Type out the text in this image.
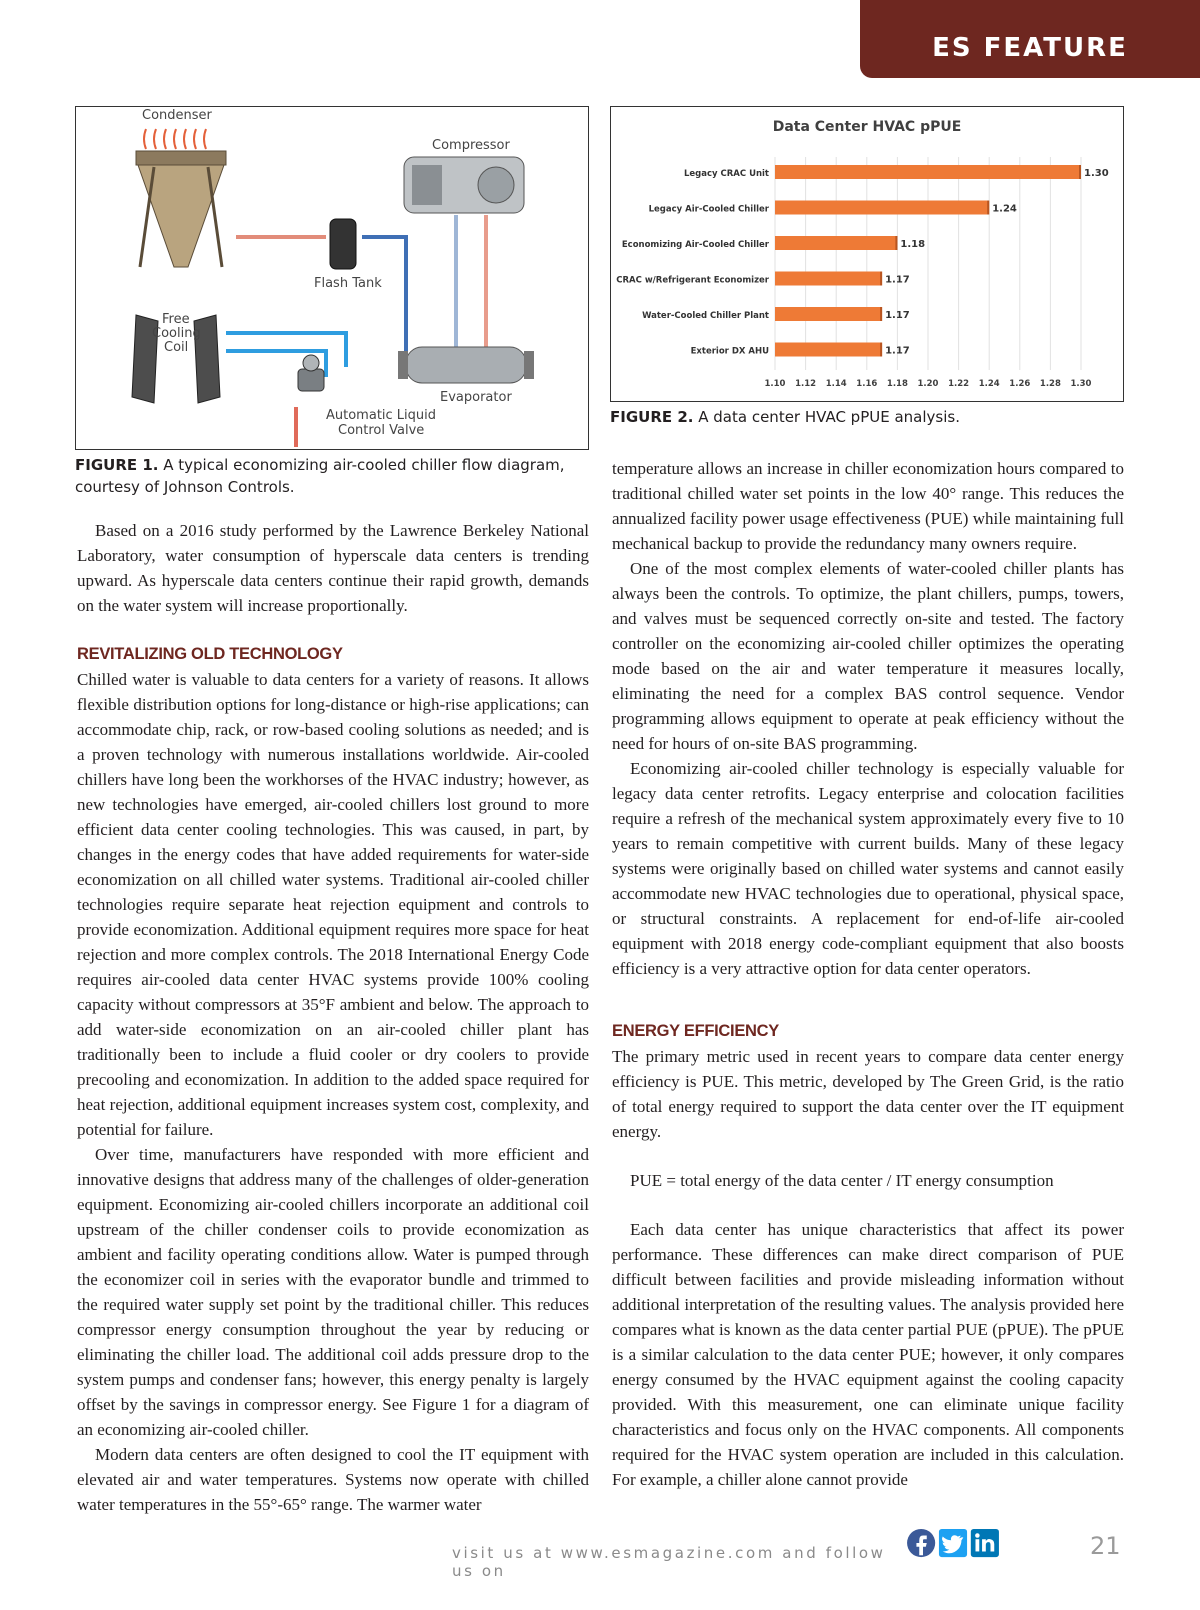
ES FEATURE
Condenser
Compressor
Flash Tank
Free
Cooling
Coil
Evaporator
Automatic Liquid
Control Valve
FIGURE 1. A typical economizing air-cooled chiller flow diagram, courtesy of Johnson Controls.
Data Center HVAC pPUE
Legacy CRAC Unit
Legacy Air-Cooled Chiller
Economizing Air-Cooled Chiller
CRAC w/Refrigerant Economizer
Water-Cooled Chiller Plant
Exterior DX AHU
1.30
1.24
1.18
1.17
1.17
1.17
1.10 1.12 1.14 1.16 1.18 1.20 1.22 1.24 1.26 1.28 1.30
FIGURE 2. A data center HVAC pPUE analysis.

Based on a 2016 study performed by the Lawrence Berkeley National Laboratory, water consumption of hyperscale data centers is trending upward. As hyperscale data centers continue their rapid growth, demands on the water system will increase proportionally.

REVITALIZING OLD TECHNOLOGY

Chilled water is valuable to data centers for a variety of reasons. It allows flexible distribution options for long-distance or high-rise applications; can accommodate chip, rack, or row-based cooling solutions as needed; and is a proven technology with numerous installations worldwide. Air-cooled chillers have long been the workhorses of the HVAC industry; however, as new technologies have emerged, air-cooled chillers lost ground to more efficient data center cooling technologies. This was caused, in part, by changes in the energy codes that have added requirements for water-side economization on all chilled water systems. Traditional air-cooled chiller technologies require separate heat rejection equipment and controls to provide economization. Additional equipment requires more space for heat rejection and more complex controls. The 2018 International Energy Code requires air-cooled data center HVAC systems provide 100% cooling capacity without compressors at 35°F ambient and below. The approach to add water-side economization on an air-cooled chiller plant has traditionally been to include a fluid cooler or dry coolers to provide precooling and economization. In addition to the added space required for heat rejection, additional equipment increases system cost, complexity, and potential for failure.

Over time, manufacturers have responded with more efficient and innovative designs that address many of the challenges of older-generation equipment. Economizing air-cooled chillers incorporate an additional coil upstream of the chiller condenser coils to provide economization as ambient and facility operating conditions allow. Water is pumped through the economizer coil in series with the evaporator bundle and trimmed to the required water supply set point by the traditional chiller. This reduces compressor energy consumption throughout the year by reducing or eliminating the chiller load. The additional coil adds pressure drop to the system pumps and condenser fans; however, this energy penalty is largely offset by the savings in compressor energy. See Figure 1 for a diagram of an economizing air-cooled chiller.

Modern data centers are often designed to cool the IT equipment with elevated air and water temperatures. Systems now operate with chilled water temperatures in the 55°-65° range. The warmer water

temperature allows an increase in chiller economization hours compared to traditional chilled water set points in the low 40° range. This reduces the annualized facility power usage effectiveness (PUE) while maintaining full mechanical backup to provide the redundancy many owners require.

One of the most complex elements of water-cooled chiller plants has always been the controls. To optimize, the plant chillers, pumps, towers, and valves must be sequenced correctly on-site and tested. The factory controller on the economizing air-cooled chiller optimizes the operating mode based on the air and water temperature it measures locally, eliminating the need for a complex BAS control sequence. Vendor programming allows equipment to operate at peak efficiency without the need for hours of on-site BAS programming.

Economizing air-cooled chiller technology is especially valuable for legacy data center retrofits. Legacy enterprise and colocation facilities require a refresh of the mechanical system approximately every five to 10 years to remain competitive with current builds. Many of these legacy systems were originally based on chilled water systems and cannot easily accommodate new HVAC technologies due to operational, physical space, or structural constraints. A replacement for end-of-life air-cooled equipment with 2018 energy code-compliant equipment that also boosts efficiency is a very attractive option for data center operators.

ENERGY EFFICIENCY

The primary metric used in recent years to compare data center energy efficiency is PUE. This metric, developed by The Green Grid, is the ratio of total energy required to support the data center over the IT equipment energy.

PUE = total energy of the data center / IT energy consumption

Each data center has unique characteristics that affect its power performance. These differences can make direct comparison of PUE difficult between facilities and provide misleading information without additional interpretation of the resulting values. The analysis provided here compares what is known as the data center partial PUE (pPUE). The pPUE is a similar calculation to the data center PUE; however, it only compares energy consumed by the HVAC equipment against the cooling capacity provided. With this measurement, one can eliminate unique facility characteristics and focus only on the HVAC components. All components required for the HVAC system operation are included in this calculation. For example, a chiller alone cannot provide

visit us at www.esmagazine.com and follow us on
21
